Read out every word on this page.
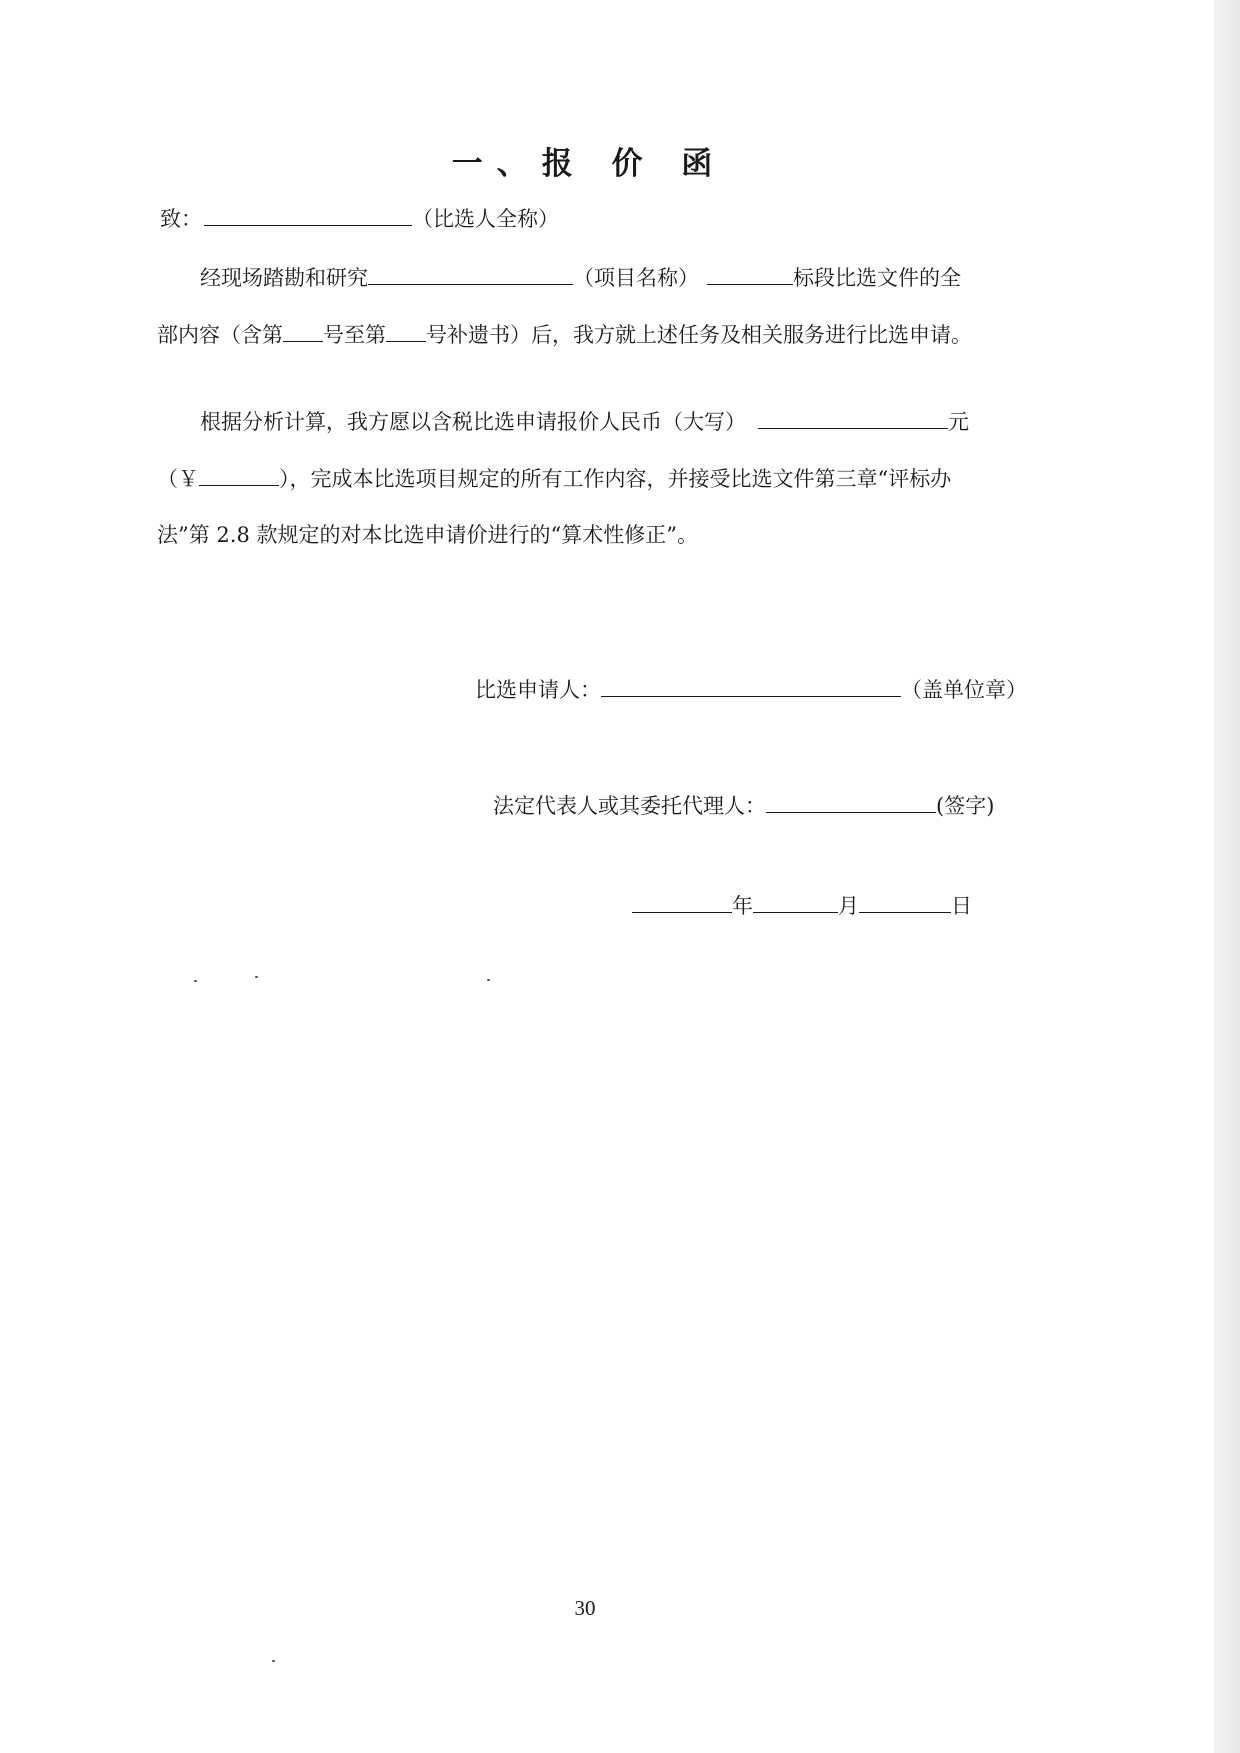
一、报 价 函
致：	（比选人全称）
经现场踏勘和研究	（项目名称）	标段比选文件的全
部内容（含第 号至第 号补遗书）后，我方就上述任务及相关服务进行比选申请。
根据分析计算，我方愿以含税比选申请报价人民币（大写）	元
（￥	），完成本比选项目规定的所有工作内容，并接受比选文件第三章“评标办
法”第 2.8 款规定的对本比选申请价进行的“算术性修正”。
比选申请人：	（盖单位章）
法定代表人或其委托代理人：	(签字)
年	月	日
30
